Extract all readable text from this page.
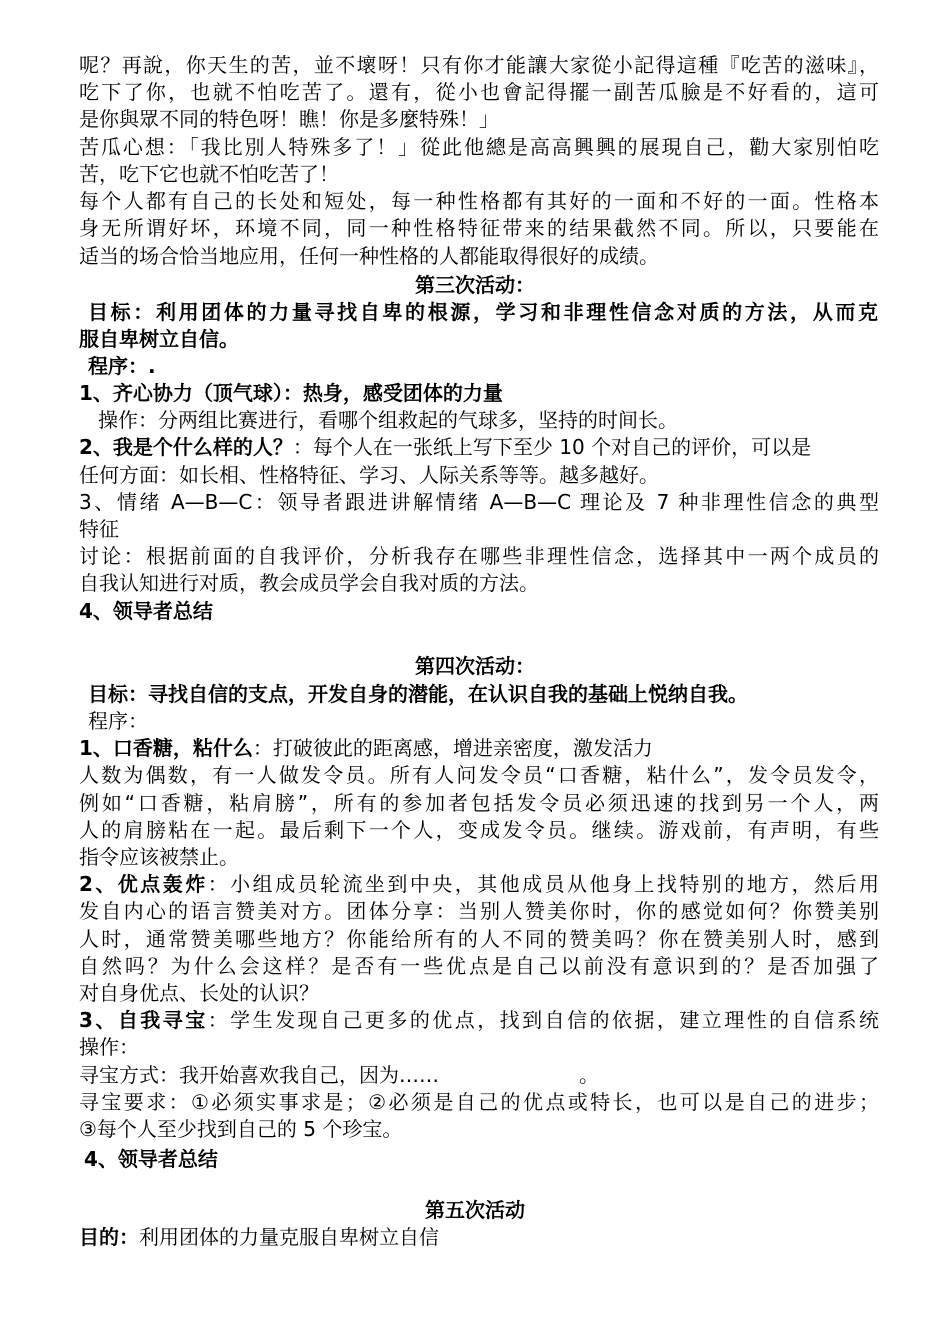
呢？再說，你天生的苦，並不壞呀！只有你才能讓大家從小記得這種『吃苦的滋味』，
吃下了你，也就不怕吃苦了。還有，從小也會記得擺一副苦瓜臉是不好看的，這可
是你與眾不同的特色呀！瞧！你是多麼特殊！」
苦瓜心想：「我比別人特殊多了！」從此他總是高高興興的展現自己，勸大家別怕吃
苦，吃下它也就不怕吃苦了！
每个人都有自己的长处和短处，每一种性格都有其好的一面和不好的一面。性格本
身无所谓好坏，环境不同，同一种性格特征带来的结果截然不同。所以，只要能在
适当的场合恰当地应用，任何一种性格的人都能取得很好的成绩。
第三次活动：
目标：利用团体的力量寻找自卑的根源，学习和非理性信念对质的方法，从而克
服自卑树立自信。
程序：.
1、齐心协力（顶气球）：热身，感受团体的力量
操作：分两组比赛进行，看哪个组救起的气球多，坚持的时间长。
2、我是个什么样的人？：每个人在一张纸上写下至少 10 个对自己的评价，可以是
任何方面：如长相、性格特征、学习、人际关系等等。越多越好。
3、情绪 A—B—C：领导者跟进讲解情绪 A—B—C 理论及 7 种非理性信念的典型
特征
讨论：根据前面的自我评价，分析我存在哪些非理性信念，选择其中一两个成员的
自我认知进行对质，教会成员学会自我对质的方法。
4、领导者总结
第四次活动：
目标：寻找自信的支点，开发自身的潜能，在认识自我的基础上悦纳自我。
程序：
1、口香糖，粘什么：打破彼此的距离感，增进亲密度，激发活力
人数为偶数，有一人做发令员。所有人问发令员“口香糖，粘什么”，发令员发令，
例如“口香糖，粘肩膀”，所有的参加者包括发令员必须迅速的找到另一个人，两
人的肩膀粘在一起。最后剩下一个人，变成发令员。继续。游戏前，有声明，有些
指令应该被禁止。
2、优点轰炸：小组成员轮流坐到中央，其他成员从他身上找特别的地方，然后用
发自内心的语言赞美对方。团体分享：当别人赞美你时，你的感觉如何？你赞美别
人时，通常赞美哪些地方？你能给所有的人不同的赞美吗？你在赞美别人时，感到
自然吗？为什么会这样？是否有一些优点是自己以前没有意识到的？是否加强了
对自身优点、长处的认识？
3、自我寻宝：学生发现自己更多的优点，找到自信的依据，建立理性的自信系统
操作：
寻宝方式：我开始喜欢我自己，因为……	。
寻宝要求：①必须实事求是；②必须是自己的优点或特长，也可以是自己的进步；
③每个人至少找到自己的 5 个珍宝。
4、领导者总结
第五次活动
目的：利用团体的力量克服自卑树立自信
